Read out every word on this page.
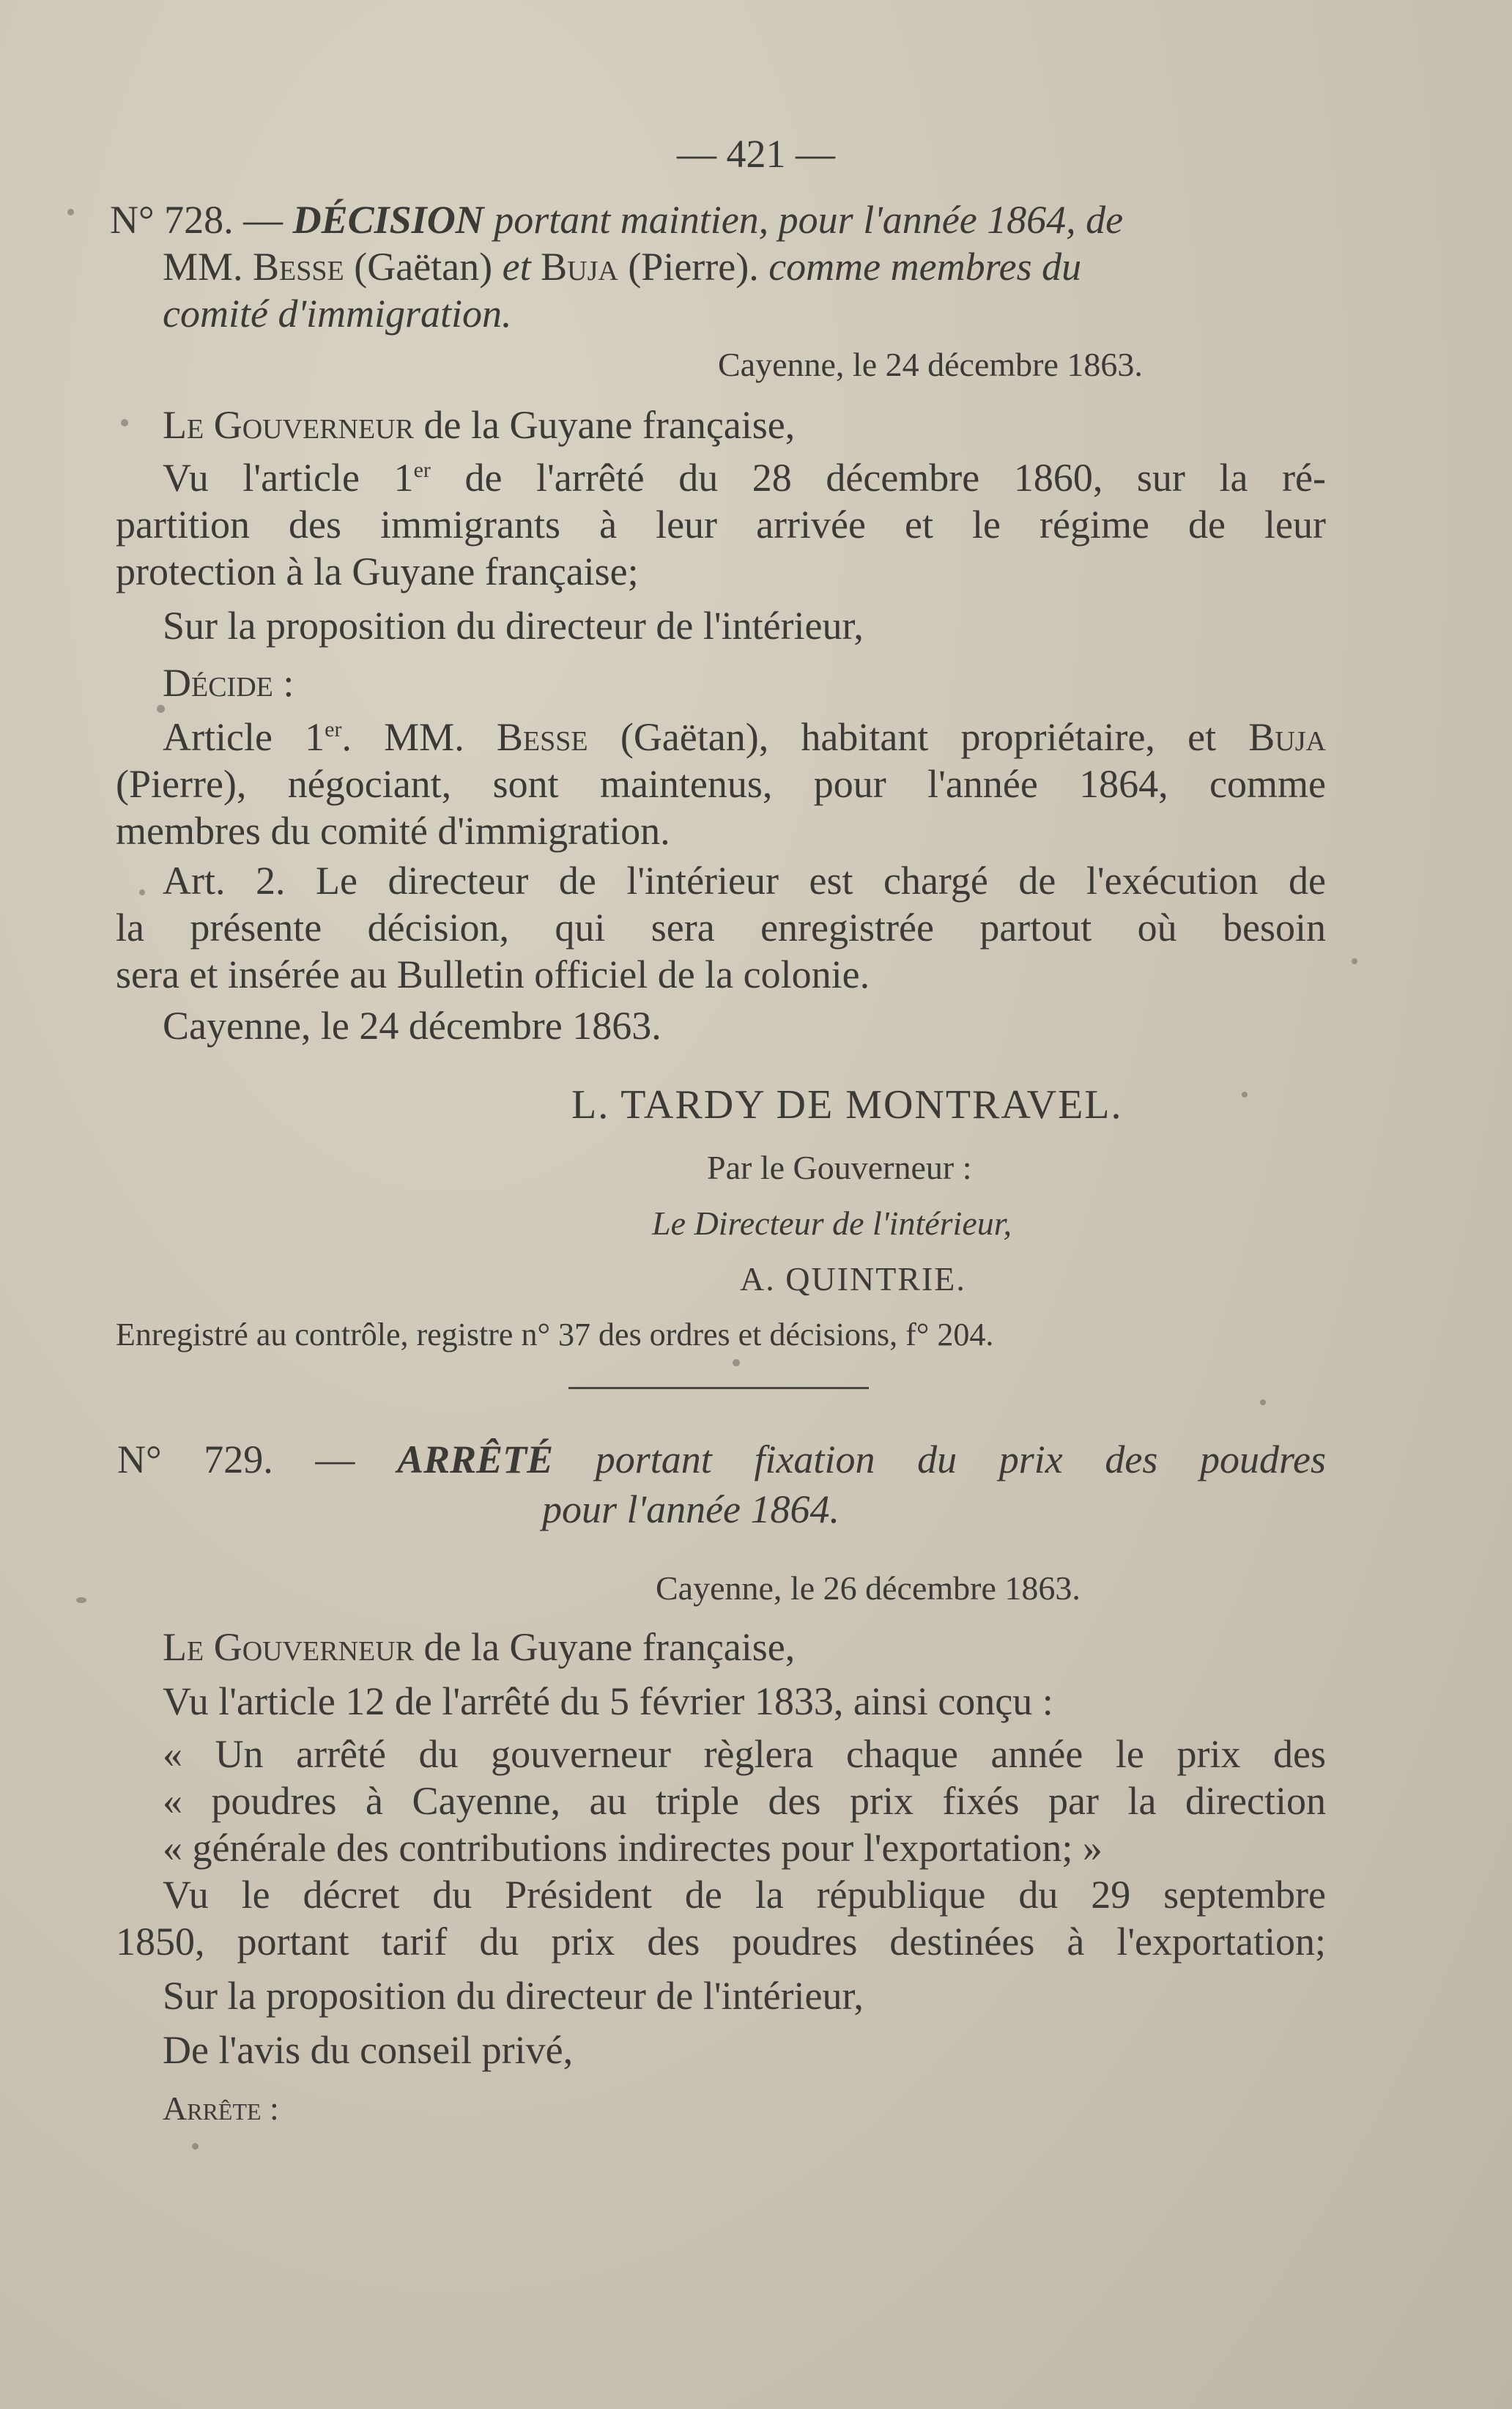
— 421 —
N° 728. — DÉCISION portant maintien, pour l'année 1864, de
MM. Besse (Gaëtan) et Buja (Pierre). comme membres du
comité d'immigration.
Cayenne, le 24 décembre 1863.
Le Gouverneur de la Guyane française,
Vu l'article 1er de l'arrêté du 28 décembre 1860, sur la ré-
partition des immigrants à leur arrivée et le régime de leur
protection à la Guyane française;
Sur la proposition du directeur de l'intérieur,
Décide :
Article 1er. MM. Besse (Gaëtan), habitant propriétaire, et Buja
(Pierre), négociant, sont maintenus, pour l'année 1864, comme
membres du comité d'immigration.
Art. 2. Le directeur de l'intérieur est chargé de l'exécution de
la présente décision, qui sera enregistrée partout où besoin
sera et insérée au Bulletin officiel de la colonie.
Cayenne, le 24 décembre 1863.
L. TARDY DE MONTRAVEL.
Par le Gouverneur :
Le Directeur de l'intérieur,
A. QUINTRIE.
Enregistré au contrôle, registre n° 37 des ordres et décisions, f° 204.
N° 729. — ARRÊTÉ portant fixation du prix des poudres
pour l'année 1864.
Cayenne, le 26 décembre 1863.
Le Gouverneur de la Guyane française,
Vu l'article 12 de l'arrêté du 5 février 1833, ainsi conçu :
« Un arrêté du gouverneur règlera chaque année le prix des
« poudres à Cayenne, au triple des prix fixés par la direction
« générale des contributions indirectes pour l'exportation; »
Vu le décret du Président de la république du 29 septembre
1850, portant tarif du prix des poudres destinées à l'exportation;
Sur la proposition du directeur de l'intérieur,
De l'avis du conseil privé,
Arrête :
